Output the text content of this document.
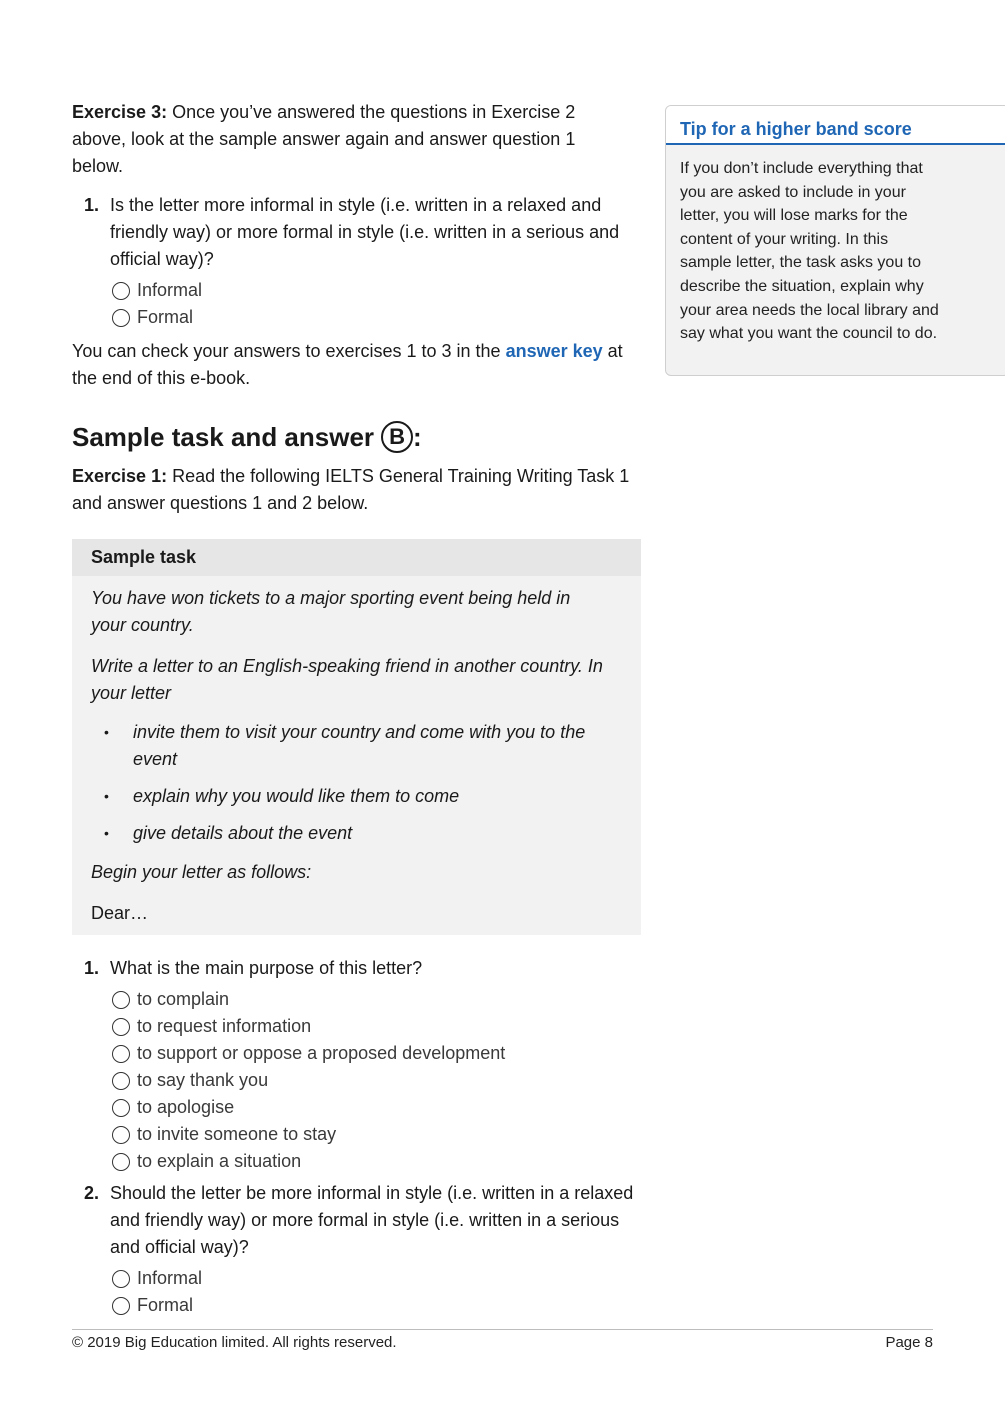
Exercise 3: Once you’ve answered the questions in Exercise 2 above, look at the sample answer again and answer question 1 below.

1. Is the letter more informal in style (i.e. written in a relaxed and friendly way) or more formal in style (i.e. written in a serious and official way)?
Informal
Formal

You can check your answers to exercises 1 to 3 in the answer key at the end of this e-book.

Sample task and answer B :

Exercise 1: Read the following IELTS General Training Writing Task 1 and answer questions 1 and 2 below.

Sample task

You have won tickets to a major sporting event being held in your country.

Write a letter to an English-speaking friend in another country. In your letter

• invite them to visit your country and come with you to the event
• explain why you would like them to come
• give details about the event

Begin your letter as follows:

Dear…

1. What is the main purpose of this letter?
to complain
to request information
to support or oppose a proposed development
to say thank you
to apologise
to invite someone to stay
to explain a situation
2. Should the letter be more informal in style (i.e. written in a relaxed and friendly way) or more formal in style (i.e. written in a serious and official way)?
Informal
Formal
Tip for a higher band score
If you don’t include everything that you are asked to include in your letter, you will lose marks for the content of your writing. In this sample letter, the task asks you to describe the situation, explain why your area needs the local library and say what you want the council to do.
© 2019 Big Education limited. All rights reserved.	Page 8
